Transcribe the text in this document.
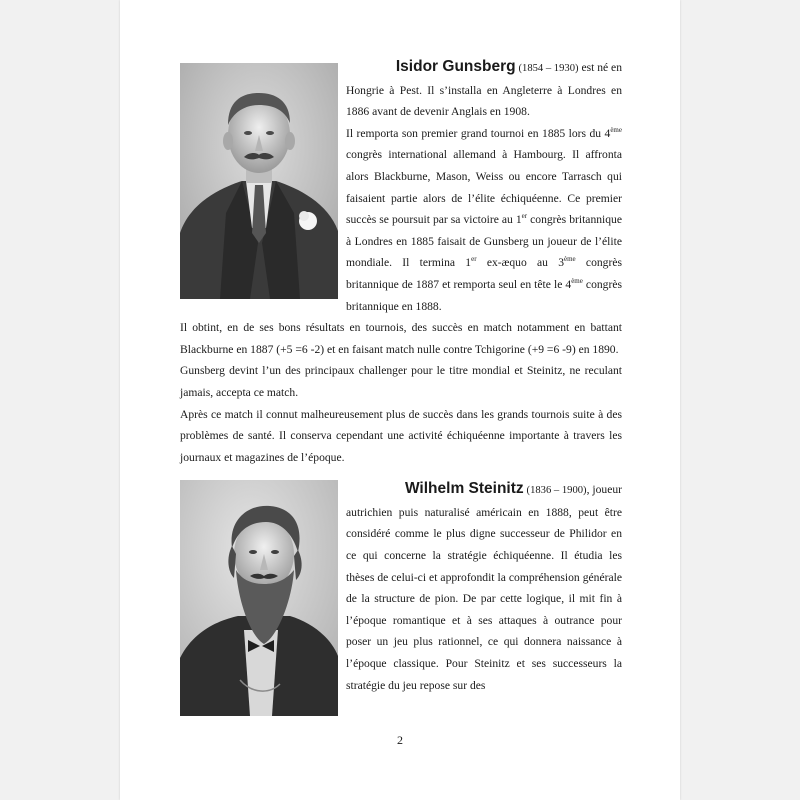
Isidor Gunsberg (1854 – 1930) est né en

Hongrie à Pest. Il s’installa en Angleterre à Londres en 1886 avant de devenir Anglais en 1908.

Il remporta son premier grand tournoi en 1885 lors du 4ème congrès international allemand à Hambourg. Il affronta alors Blackburne, Mason, Weiss ou encore Tarrasch qui faisaient partie alors de l’élite échiquéenne. Ce premier succès se poursuit par sa victoire au 1er congrès britannique à Londres en 1885 faisait de Gunsberg un joueur de l’élite mondiale. Il termina 1er ex-æquo au 3ème congrès britannique de 1887 et remporta seul en tête le 4ème congrès britannique en 1888.

Il obtint, en de ses bons résultats en tournois, des succès en match notamment en battant Blackburne en 1887 (+5 =6 -2) et en faisant match nulle contre Tchigorine (+9 =6 -9) en 1890.

Gunsberg devint l’un des principaux challenger pour le titre mondial et Steinitz, ne reculant jamais, accepta ce match.

Après ce match il connut malheureusement plus de succès dans les grands tournois suite à des problèmes de santé. Il conserva cependant une activité échiquéenne importante à travers les journaux et magazines de l’époque.

Wilhelm Steinitz (1836 – 1900), joueur

autrichien puis naturalisé américain en 1888, peut être considéré comme le plus digne successeur de Philidor en ce qui concerne la stratégie échiquéenne. Il étudia les thèses de celui-ci et approfondit la compréhension générale de la structure de pion. De par cette logique, il mit fin à l’époque romantique et à ses attaques à outrance pour poser un jeu plus rationnel, ce qui donnera naissance à l’époque classique. Pour Steinitz et ses successeurs la stratégie du jeu repose sur des

2
